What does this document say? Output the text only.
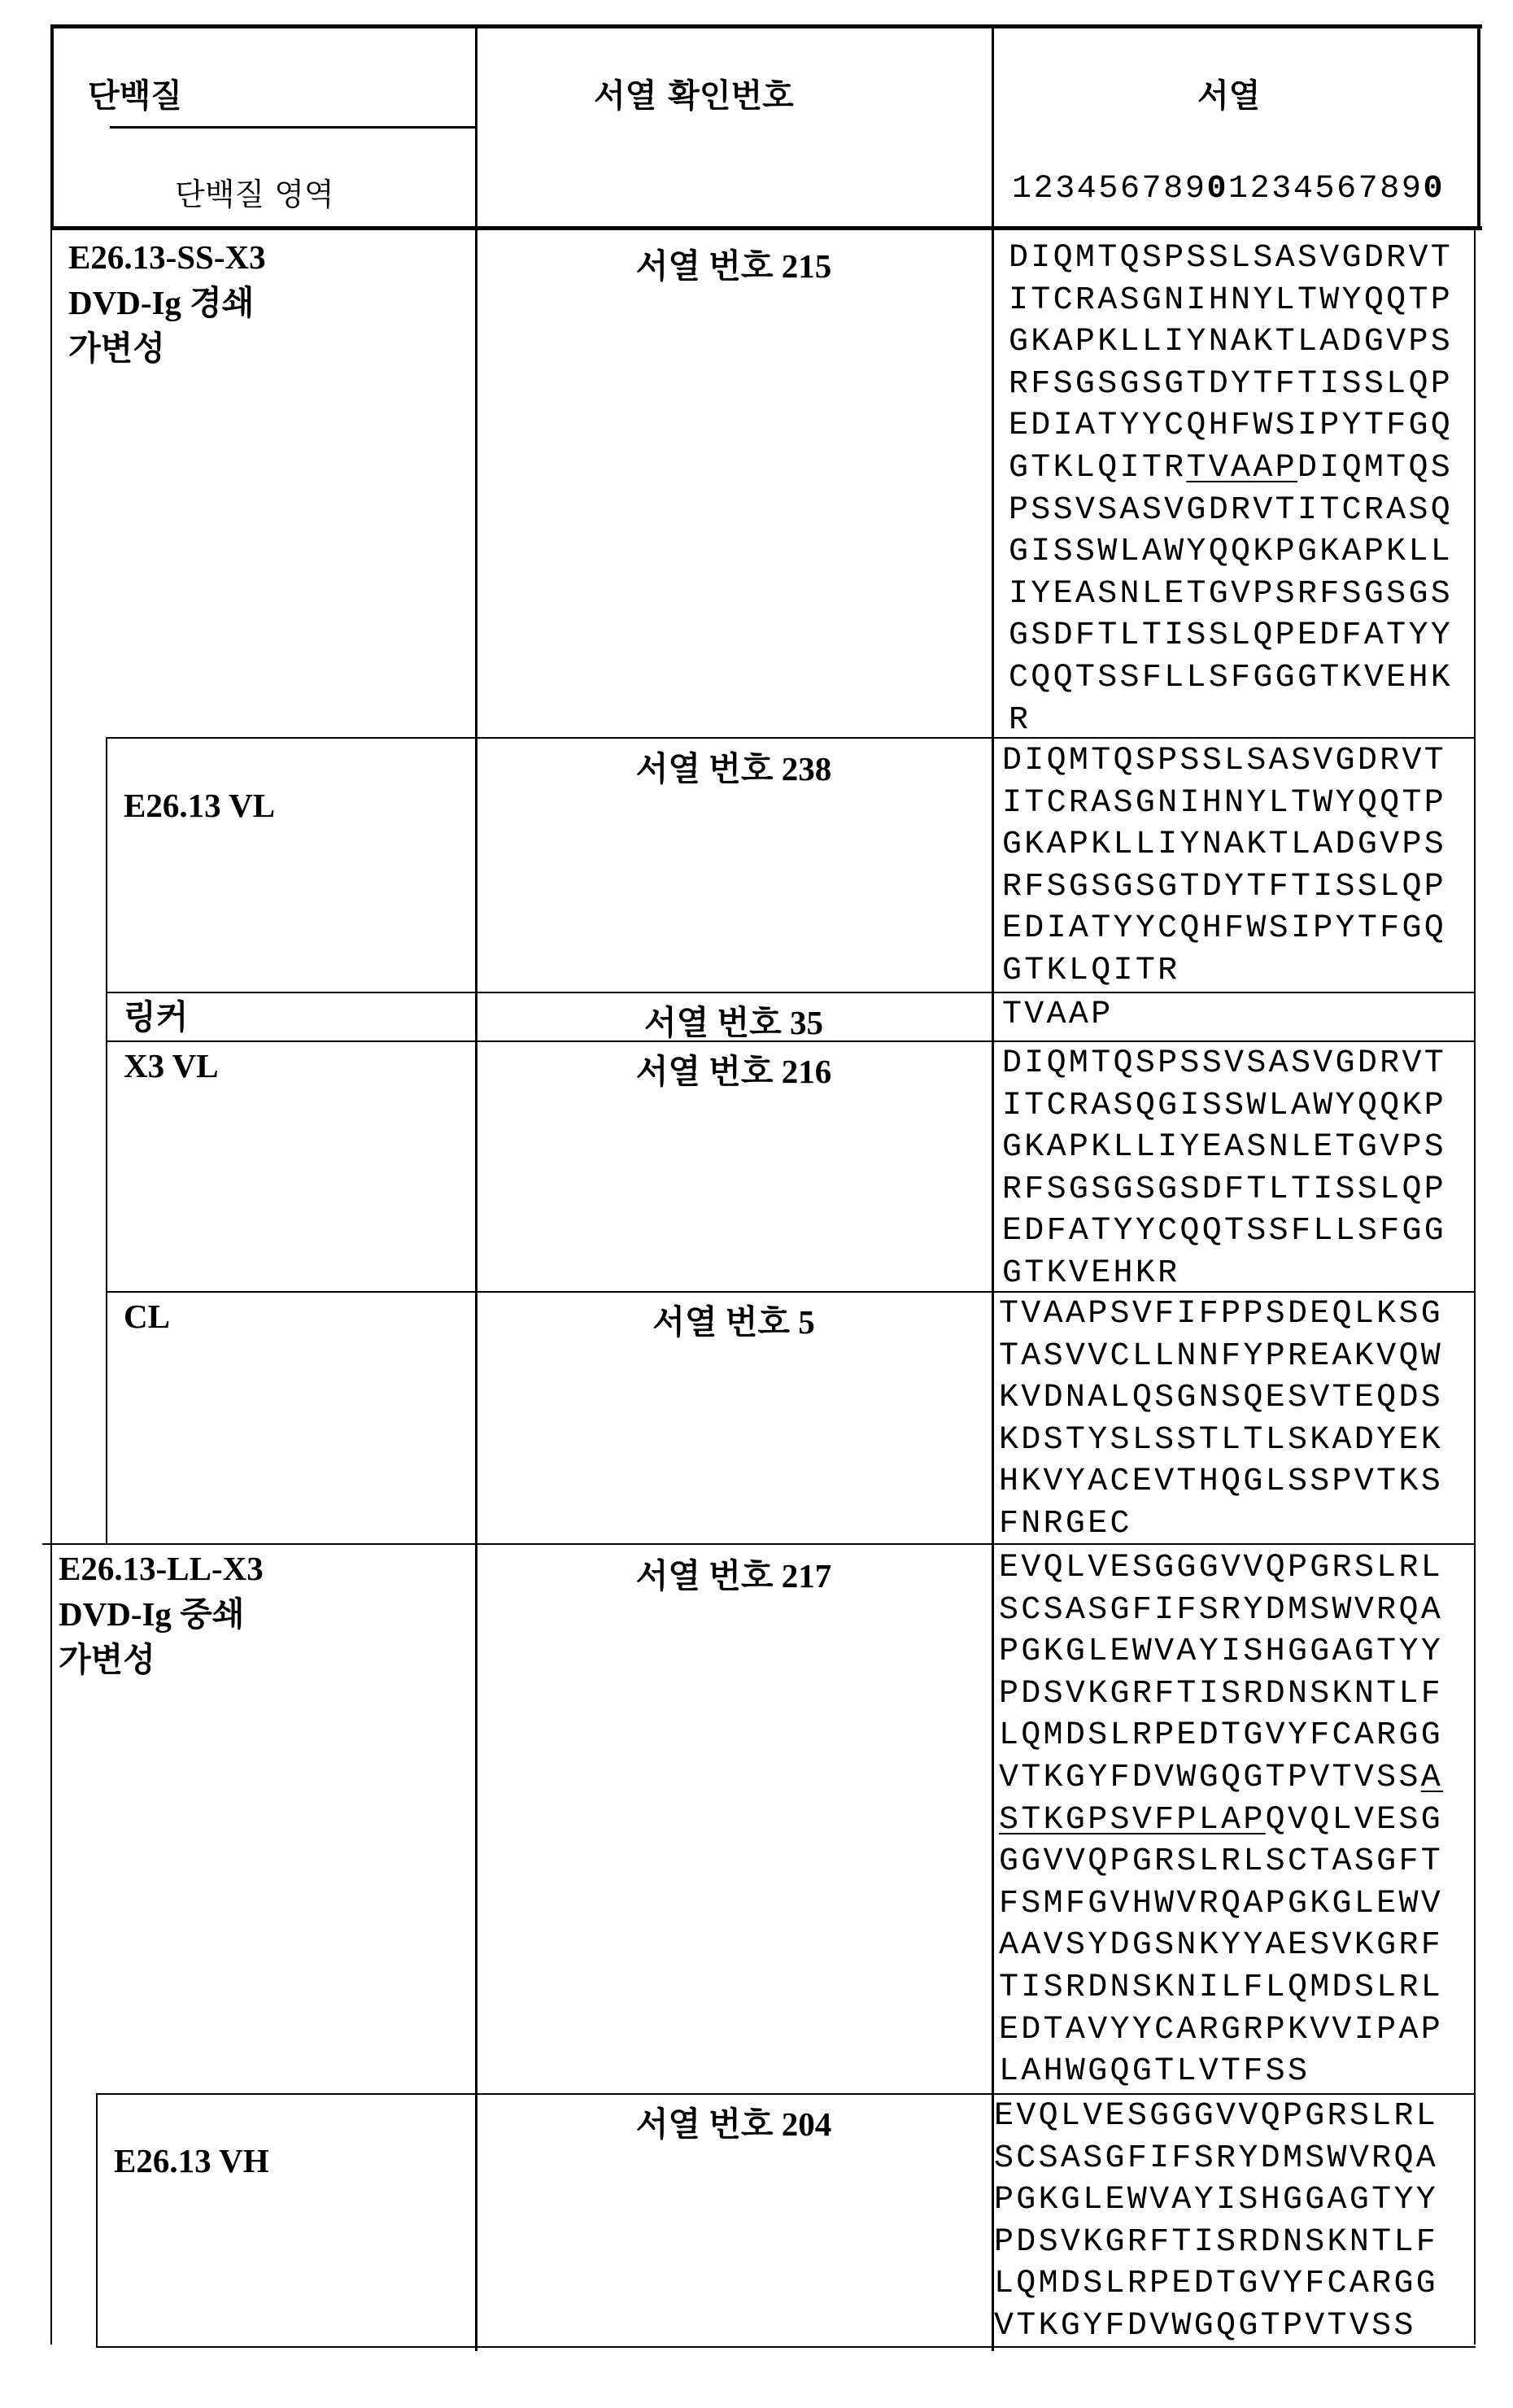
단백질
단백질 영역
서열 확인번호	서열
12345678901234567890
E26.13-SS-X3
DVD-Ig 경쇄
가변성
서열 번호 215	DIQMTQSPSSLSASVGDRVT
ITCRASGNIHNYLTWYQQTP
GKAPKLLIYNAKTLADGVPS
RFSGSGSGTDYTFTISSLQP
EDIATYYCQHFWSIPYTFGQ
GTKLQITRTVAAPDIQMTQS
PSSVSASVGDRVTITCRASQ
GISSWLAWYQQKPGKAPKLL
IYEASNLETGVPSRFSGSGS
GSDFTLTISSLQPEDFATYY
CQQTSSFLLSFGGGTKVEHK
R
E26.13 VL
서열 번호 238	DIQMTQSPSSLSASVGDRVT
ITCRASGNIHNYLTWYQQTP
GKAPKLLIYNAKTLADGVPS
RFSGSGSGTDYTFTISSLQP
EDIATYYCQHFWSIPYTFGQ
GTKLQITR
링커	서열 번호 35	TVAAP
X3 VL	서열 번호 216	DIQMTQSPSSVSASVGDRVT
ITCRASQGISSWLAWYQQKP
GKAPKLLIYEASNLETGVPS
RFSGSGSGSDFTLTISSLQP
EDFATYYCQQTSSFLLSFGG
GTKVEHKR
CL	서열 번호 5	TVAAPSVFIFPPSDEQLKSG
TASVVCLLNNFYPREAKVQW
KVDNALQSGNSQESVTEQDS
KDSTYSLSSTLTLSKADYEK
HKVYACEVTHQGLSSPVTKS
FNRGEC
E26.13-LL-X3
DVD-Ig 중쇄
가변성
서열 번호 217	EVQLVESGGGVVQPGRSLRL
SCSASGFIFSRYDMSWVRQA
PGKGLEWVAYISHGGAGTYY
PDSVKGRFTISRDNSKNTLF
LQMDSLRPEDTGVYFCARGG
VTKGYFDVWGQGTPVTVSSA
STKGPSVFPLAPQVQLVESG
GGVVQPGRSLRLSCTASGFT
FSMFGVHWVRQAPGKGLEWV
AAVSYDGSNKYYAESVKGRF
TISRDNSKNILFLQMDSLRL
EDTAVYYCARGRPKVVIPAP
LAHWGQGTLVTFSS
E26.13 VH
서열 번호 204	EVQLVESGGGVVQPGRSLRL
SCSASGFIFSRYDMSWVRQA
PGKGLEWVAYISHGGAGTYY
PDSVKGRFTISRDNSKNTLF
LQMDSLRPEDTGVYFCARGG
VTKGYFDVWGQGTPVTVSS
